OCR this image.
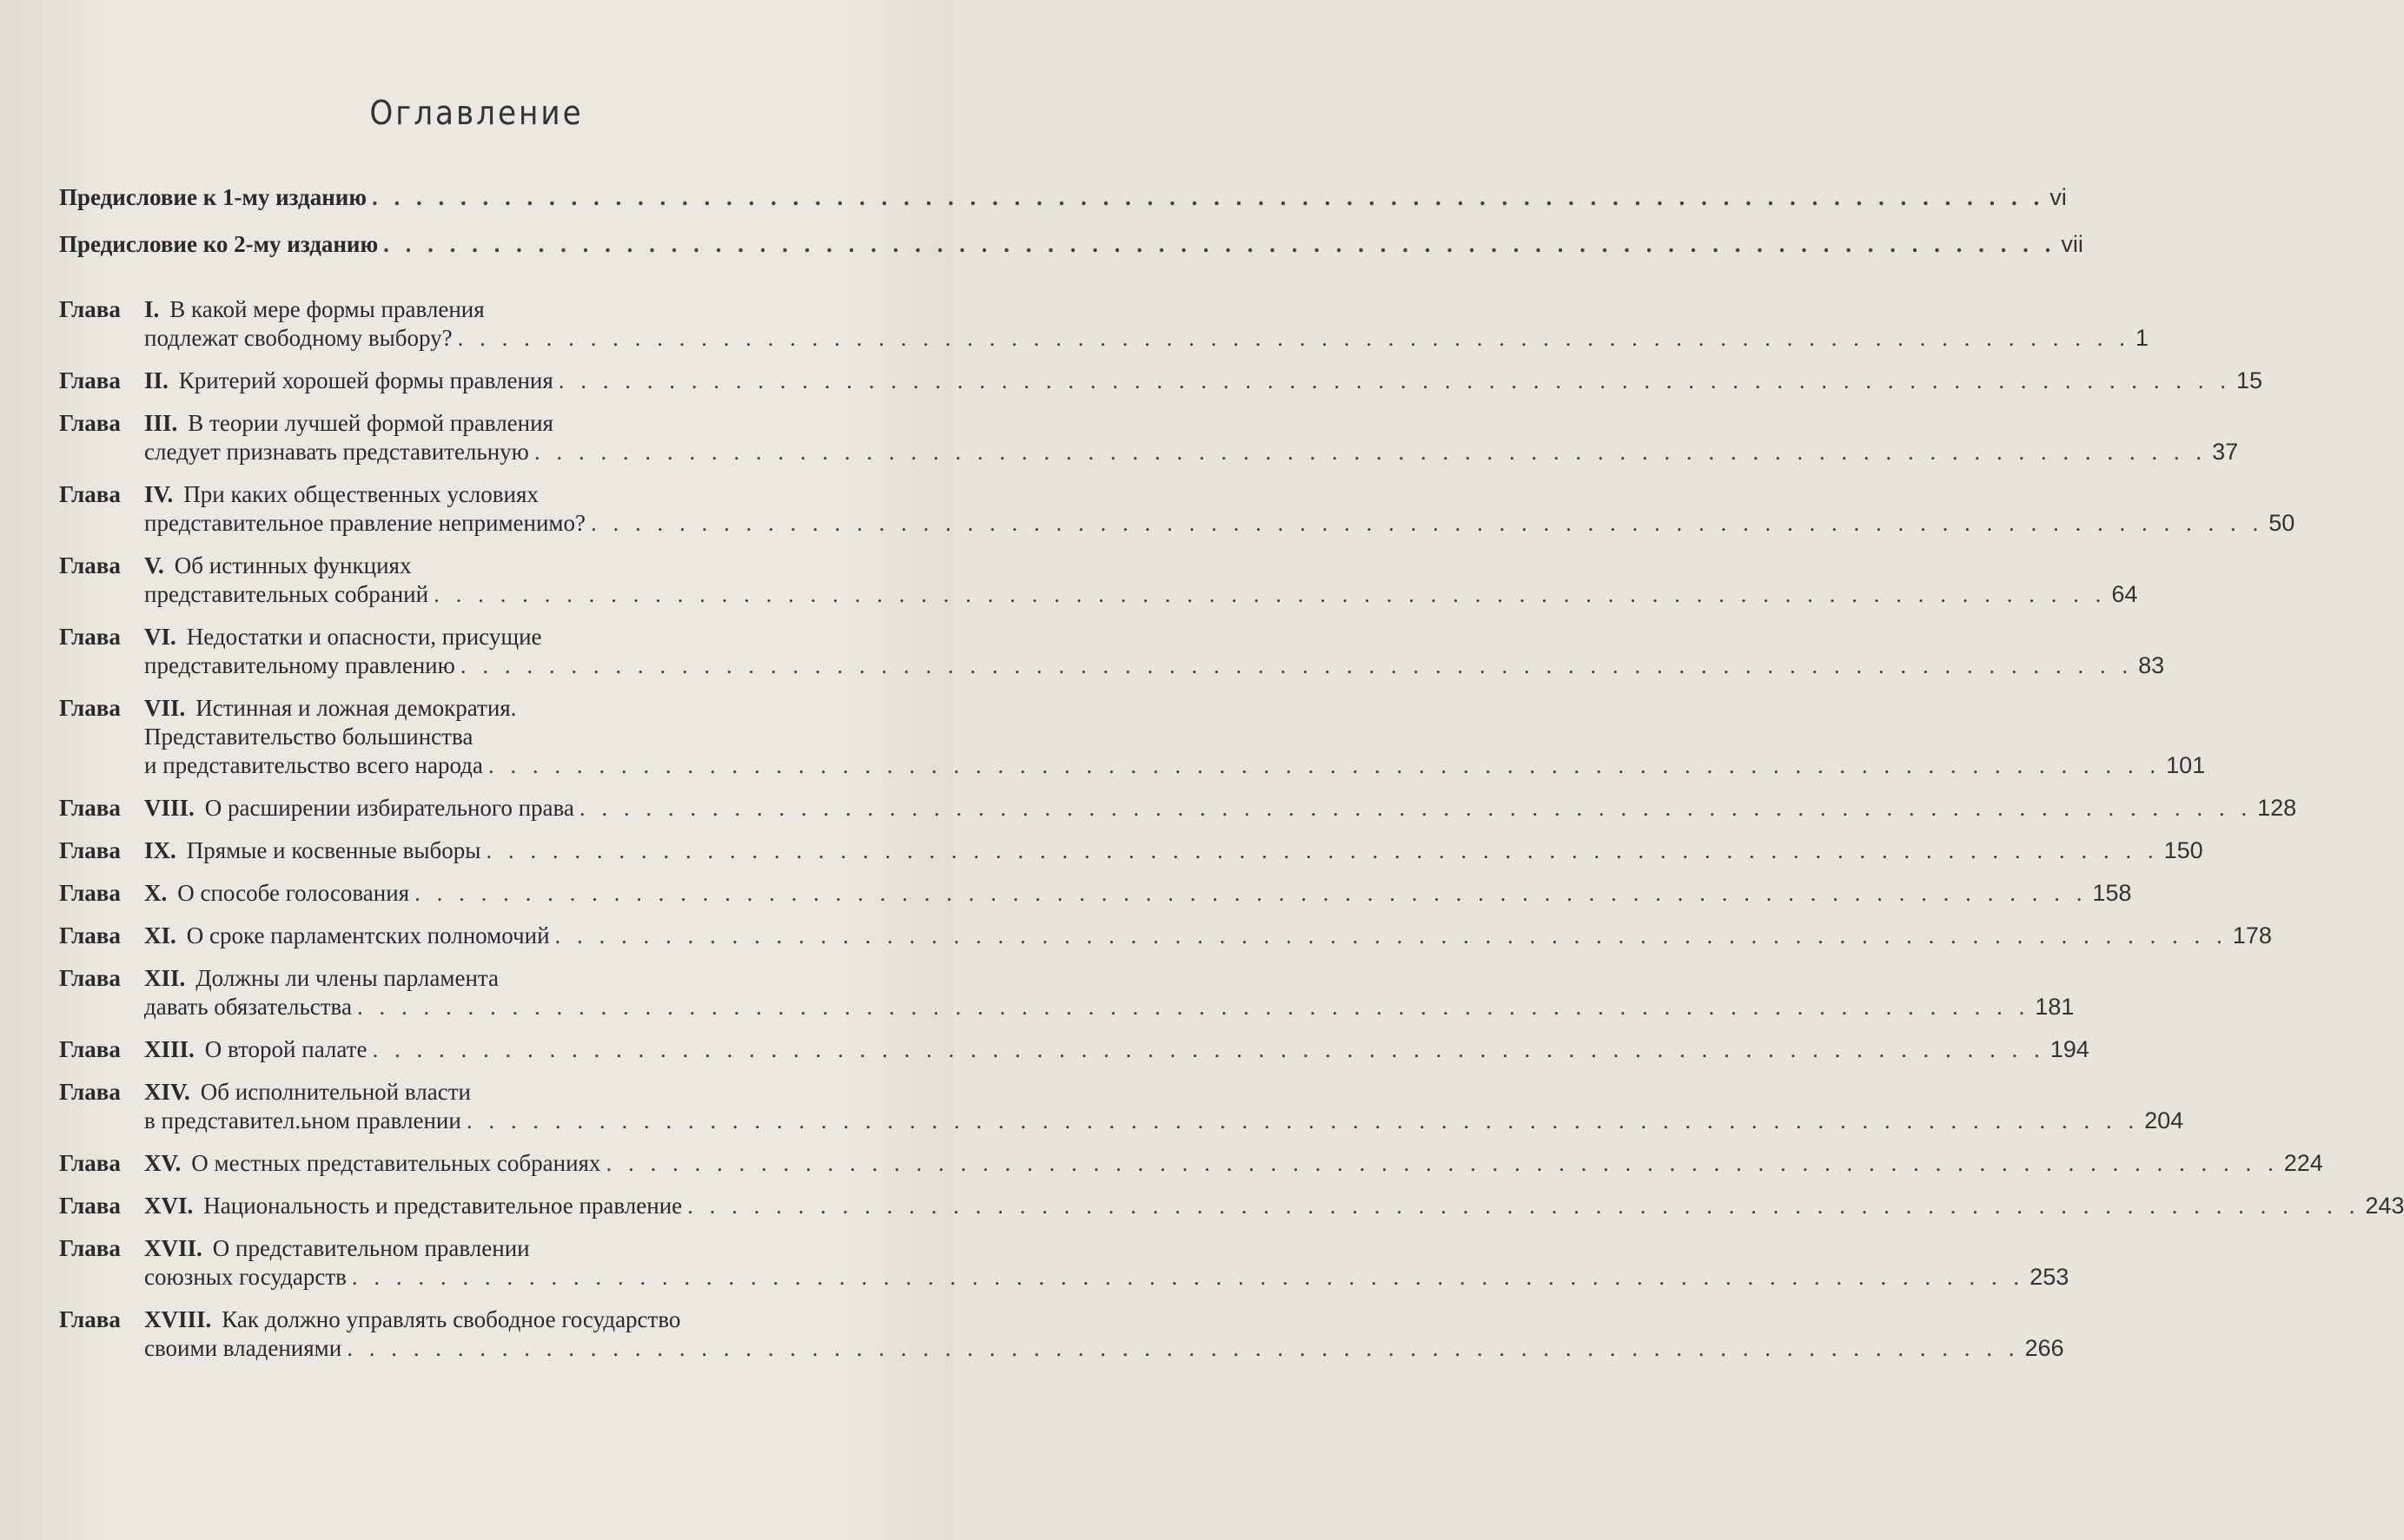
Оглавление
Предисловие к 1-му изданию . . .	vi
Предисловие ко 2-му изданию . . .	vii
Глава	I. В какой мере формы правления
подлежат свободному выбору? . . .	1
Глава	II. Критерий хорошей формы правления . . .	15
Глава	III. В теории лучшей формой правления
следует признавать представительную . . .	37
Глава	IV. При каких общественных условиях
представительное правление неприменимо? . . .	50
Глава	V. Об истинных функциях
представительных собраний . . .	64
Глава	VI. Недостатки и опасности, присущие
представительному правлению . . .	83
Глава	VII. Истинная и ложная демократия.
Представительство большинства
и представительство всего народа . . .	101
Глава	VIII. О расширении избирательного права . . .	128
Глава	IX. Прямые и косвенные выборы . . .	150
Глава	X. О способе голосования . . .	158
Глава	XI. О сроке парламентских полномочий . . .	178
Глава	XII. Должны ли члены парламента
давать обязательства . . .	181
Глава	XIII. О второй палате . . .	194
Глава	XIV. Об исполнительной власти
в представител.ьном правлении . . .	204
Глава	XV. О местных представительных собраниях . . .	224
Глава	XVI. Национальность и представительное правление . . .	243
Глава	XVII. О представительном правлении
союзных государств . . .	253
Глава	XVIII. Как должно управлять свободное государство
своими владениями . . .	266
